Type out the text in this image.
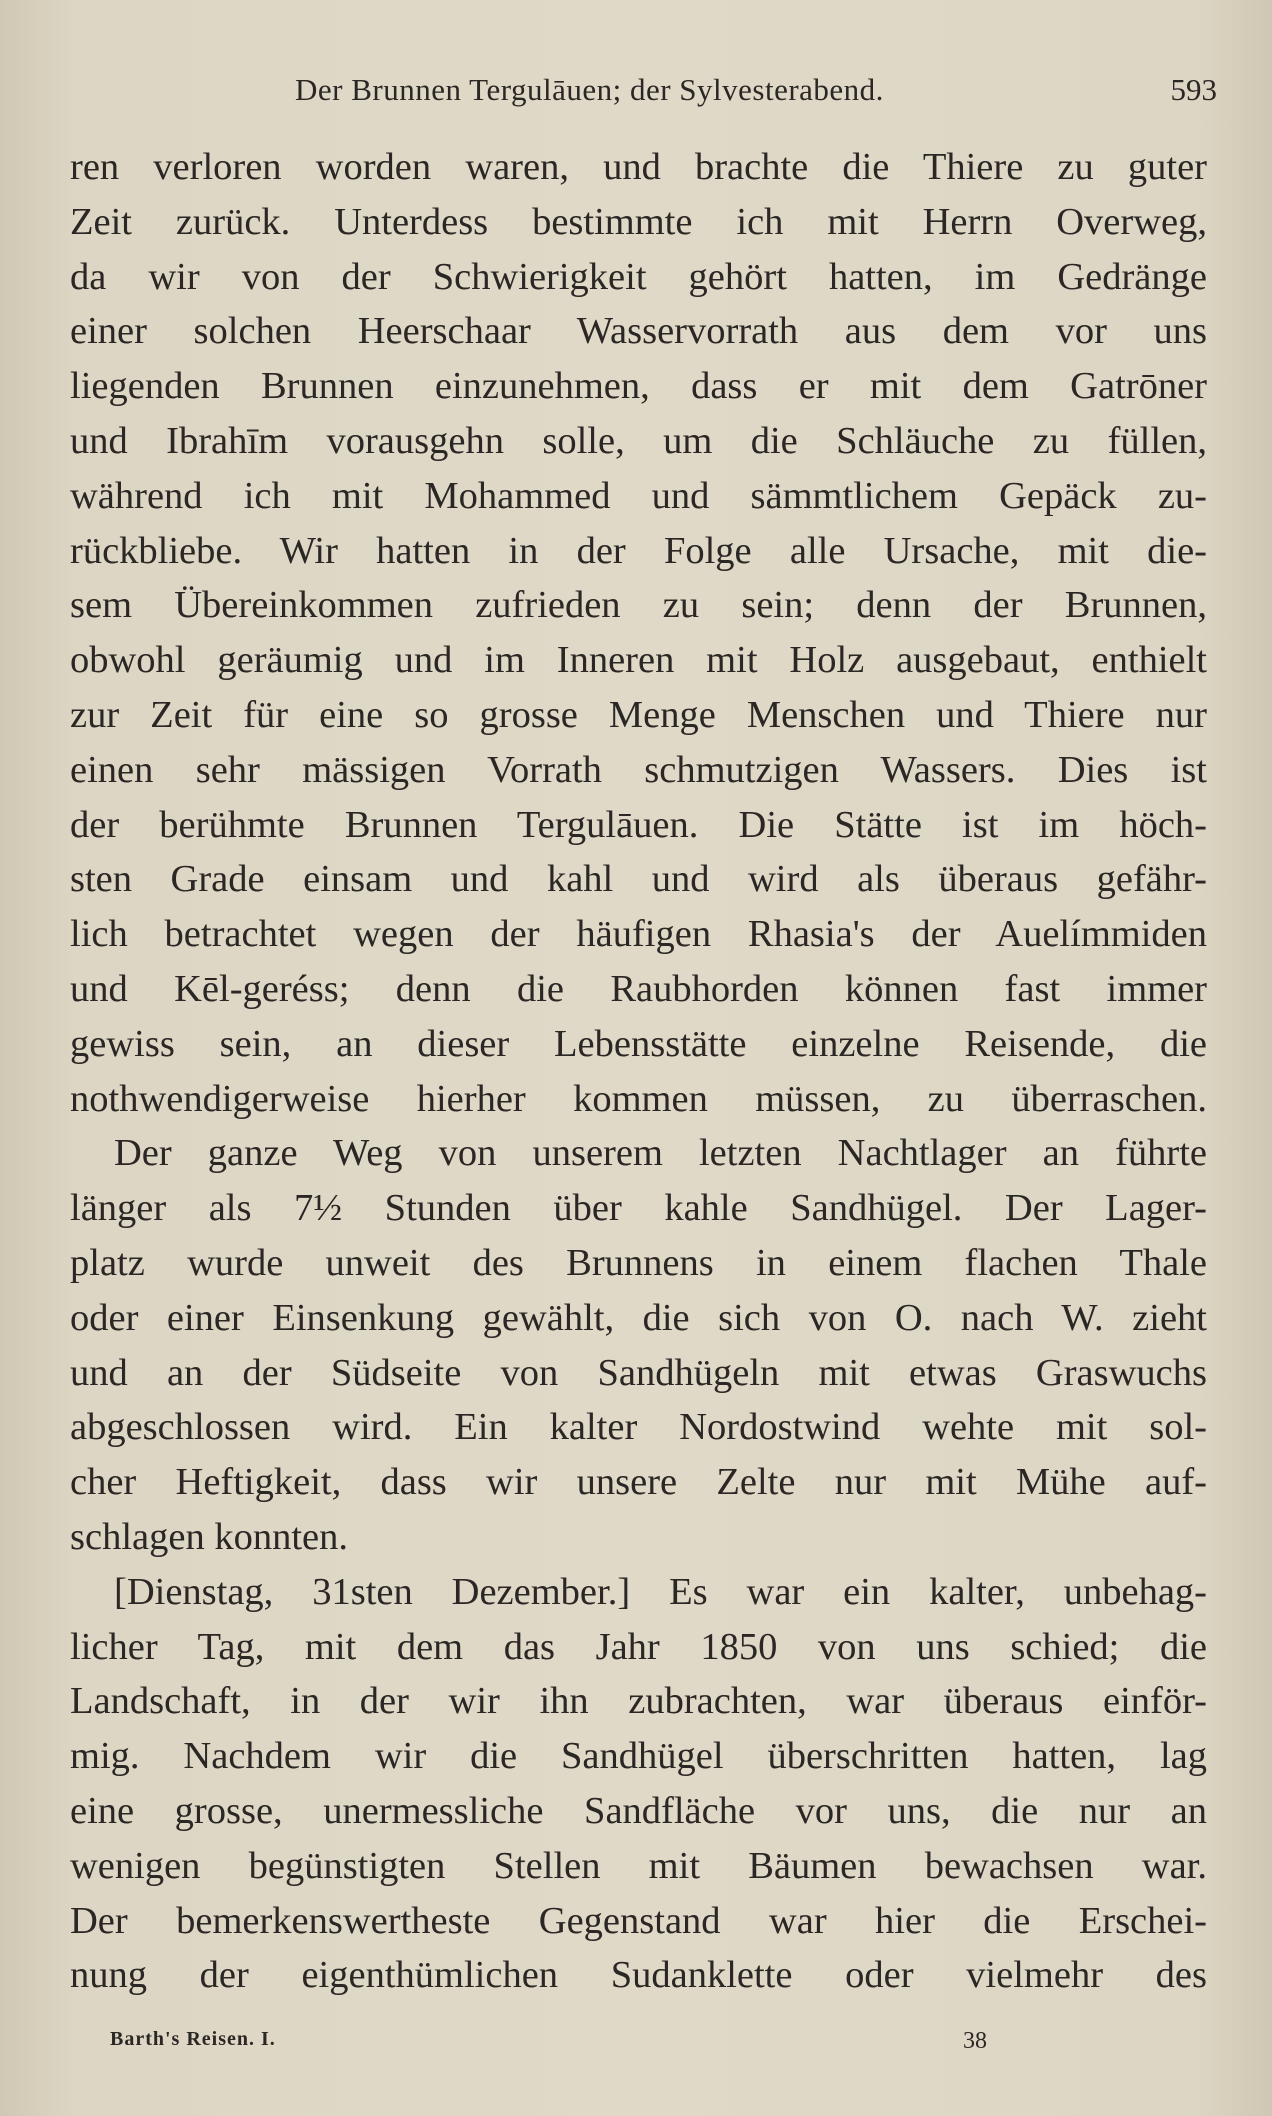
Der Brunnen Tergulāuen; der Sylvesterabend.	593
ren verloren worden waren, und brachte die Thiere zu guter
Zeit zurück. Unterdess bestimmte ich mit Herrn Overweg,
da wir von der Schwierigkeit gehört hatten, im Gedränge
einer solchen Heerschaar Wasservorrath aus dem vor uns
liegenden Brunnen einzunehmen, dass er mit dem Gatrōner
und Ibrahīm vorausgehn solle, um die Schläuche zu füllen,
während ich mit Mohammed und sämmtlichem Gepäck zu-
rückbliebe. Wir hatten in der Folge alle Ursache, mit die-
sem Übereinkommen zufrieden zu sein; denn der Brunnen,
obwohl geräumig und im Inneren mit Holz ausgebaut, enthielt
zur Zeit für eine so grosse Menge Menschen und Thiere nur
einen sehr mässigen Vorrath schmutzigen Wassers. Dies ist
der berühmte Brunnen Tergulāuen. Die Stätte ist im höch-
sten Grade einsam und kahl und wird als überaus gefähr-
lich betrachtet wegen der häufigen Rhasia's der Auelímmiden
und Kēl-geréss; denn die Raubhorden können fast immer
gewiss sein, an dieser Lebensstätte einzelne Reisende, die
nothwendigerweise hierher kommen müssen, zu überraschen.
Der ganze Weg von unserem letzten Nachtlager an führte
länger als 7½ Stunden über kahle Sandhügel. Der Lager-
platz wurde unweit des Brunnens in einem flachen Thale
oder einer Einsenkung gewählt, die sich von O. nach W. zieht
und an der Südseite von Sandhügeln mit etwas Graswuchs
abgeschlossen wird. Ein kalter Nordostwind wehte mit sol-
cher Heftigkeit, dass wir unsere Zelte nur mit Mühe auf-
schlagen konnten.
[Dienstag, 31sten Dezember.] Es war ein kalter, unbehag-
licher Tag, mit dem das Jahr 1850 von uns schied; die
Landschaft, in der wir ihn zubrachten, war überaus einför-
mig. Nachdem wir die Sandhügel überschritten hatten, lag
eine grosse, unermessliche Sandfläche vor uns, die nur an
wenigen begünstigten Stellen mit Bäumen bewachsen war.
Der bemerkenswertheste Gegenstand war hier die Erschei-
nung der eigenthümlichen Sudanklette oder vielmehr des
Barth's Reisen. I.	38
